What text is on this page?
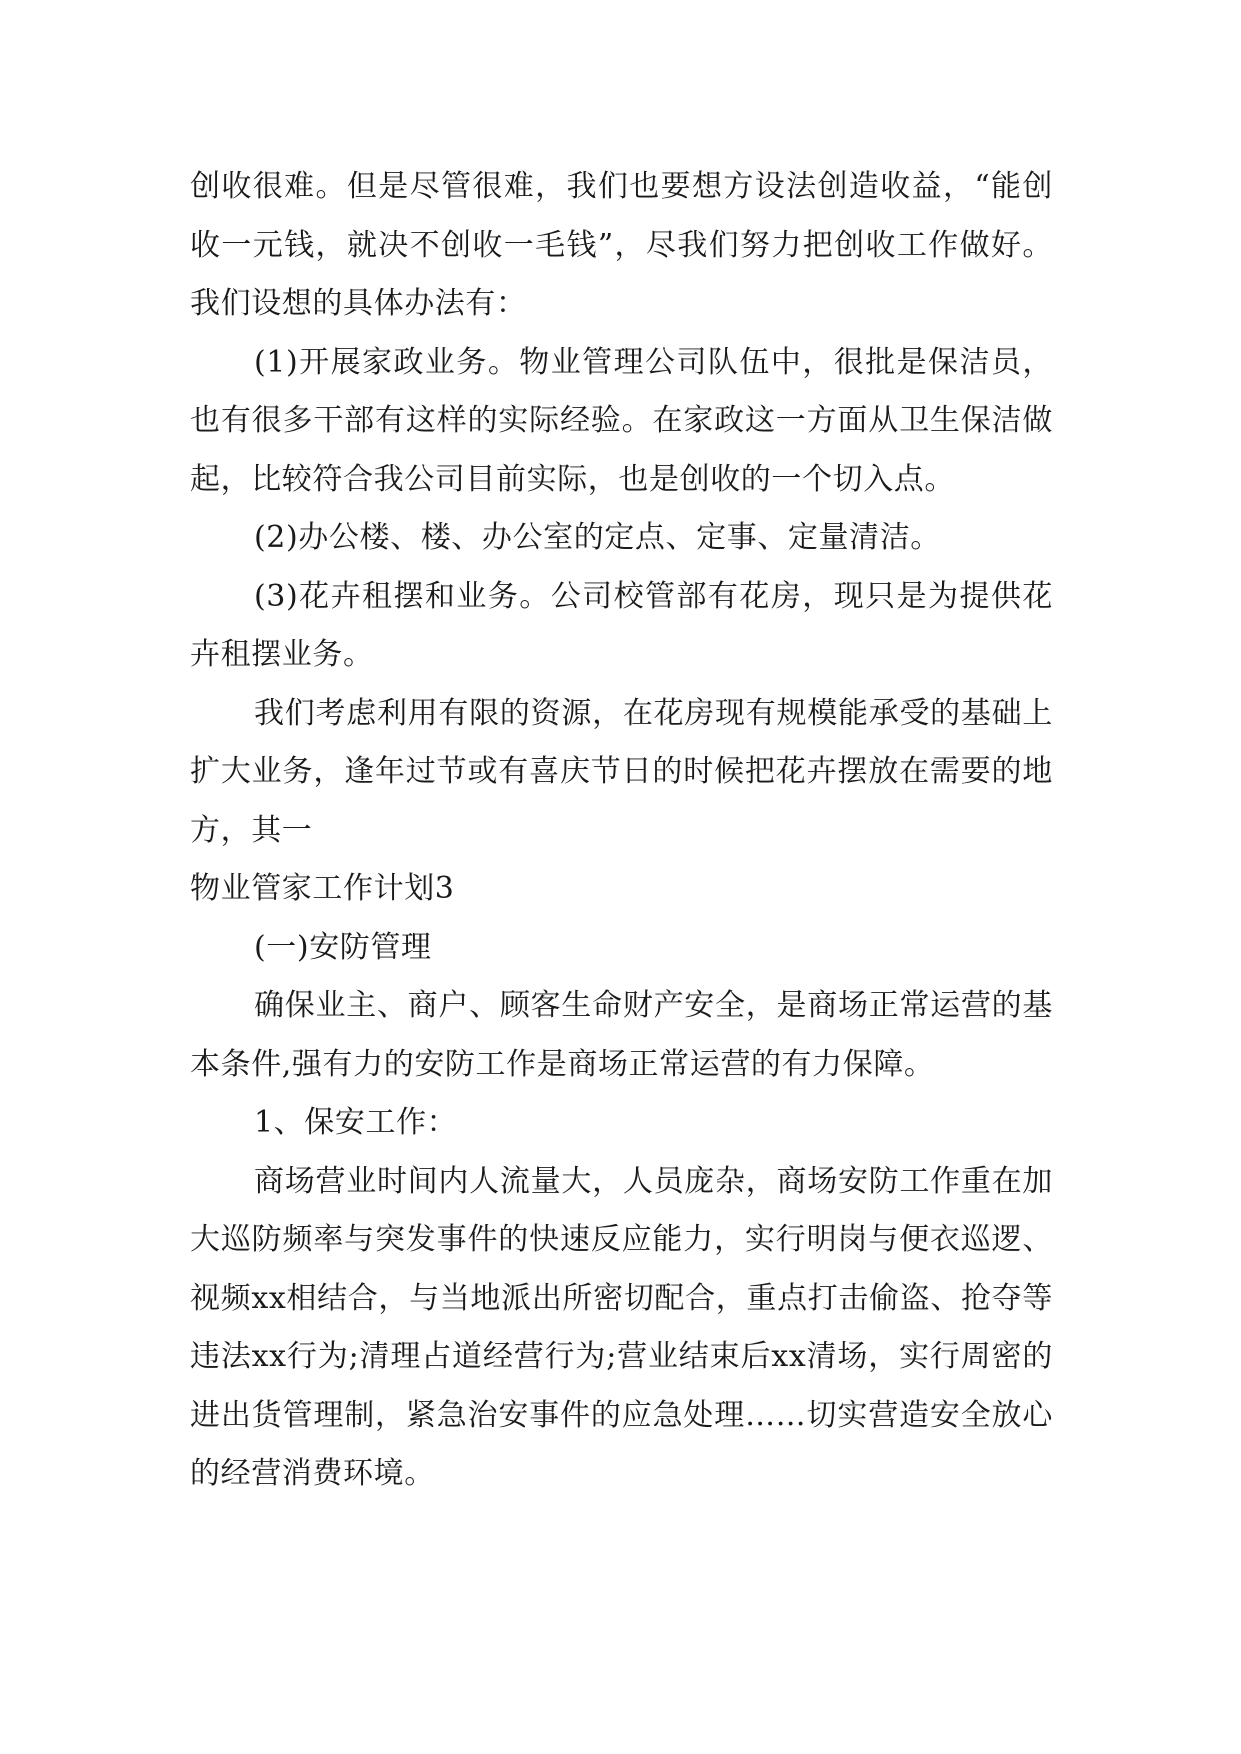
创收很难。但是尽管很难，我们也要想方设法创造收益，“能创收一元钱，就决不创收一毛钱”，尽我们努力把创收工作做好。我们设想的具体办法有：

(1)开展家政业务。物业管理公司队伍中，很批是保洁员，也有很多干部有这样的实际经验。在家政这一方面从卫生保洁做起，比较符合我公司目前实际，也是创收的一个切入点。

(2)办公楼、楼、办公室的定点、定事、定量清洁。

(3)花卉租摆和业务。公司校管部有花房，现只是为提供花卉租摆业务。

我们考虑利用有限的资源，在花房现有规模能承受的基础上扩大业务，逢年过节或有喜庆节日的时候把花卉摆放在需要的地方，其一

物业管家工作计划3

(一)安防管理

确保业主、商户、顾客生命财产安全，是商场正常运营的基本条件,强有力的安防工作是商场正常运营的有力保障。

1、保安工作：

商场营业时间内人流量大，人员庞杂，商场安防工作重在加大巡防频率与突发事件的快速反应能力，实行明岗与便衣巡逻、视频xx相结合，与当地派出所密切配合，重点打击偷盗、抢夺等违法xx行为;清理占道经营行为;营业结束后xx清场，实行周密的进出货管理制，紧急治安事件的应急处理……切实营造安全放心的经营消费环境。
